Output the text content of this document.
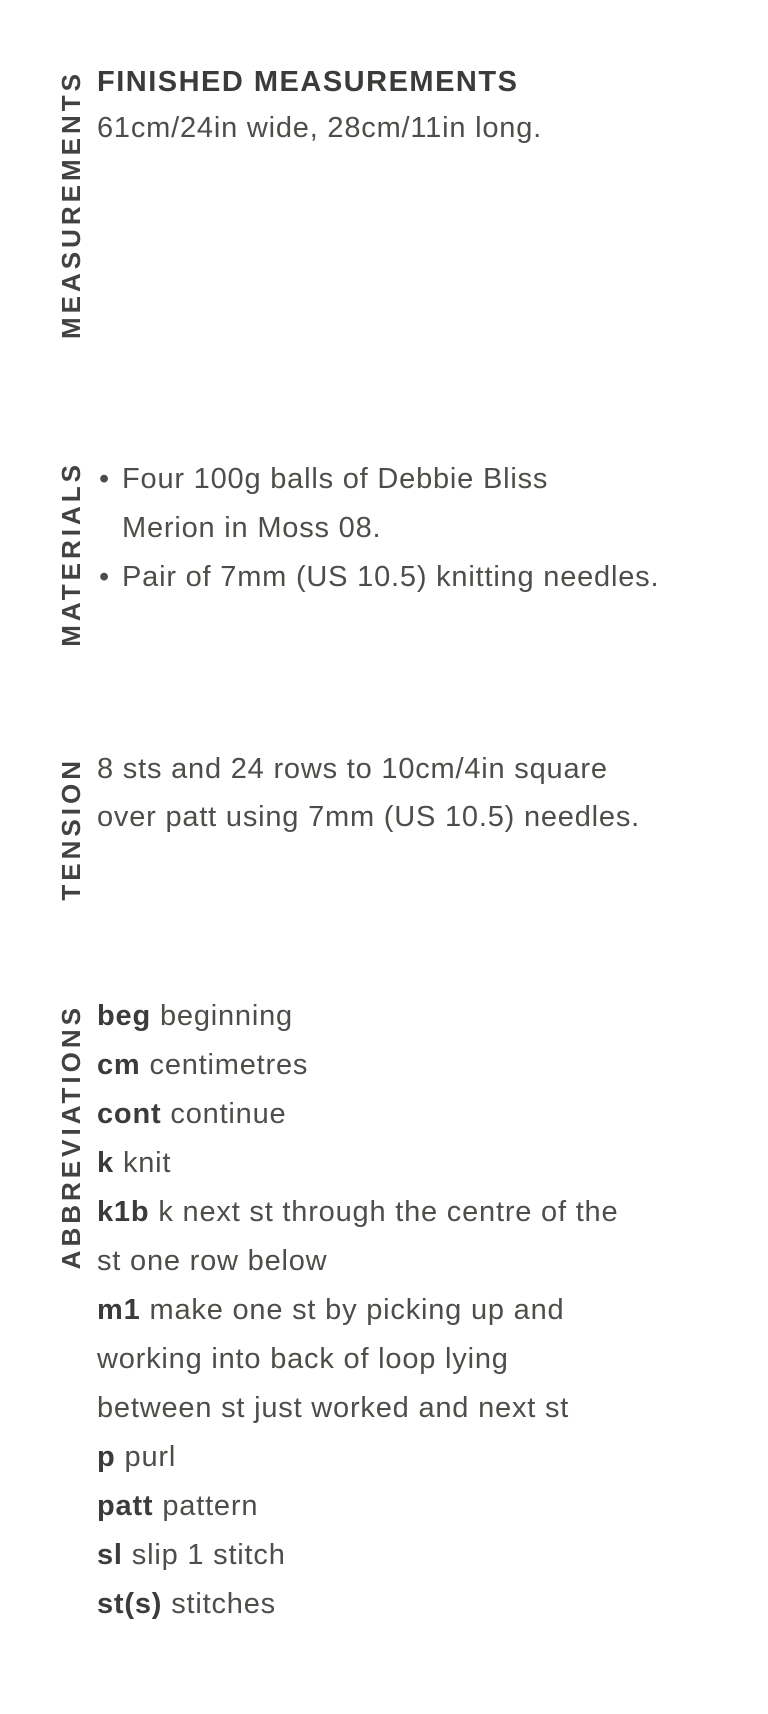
MEASUREMENTS FINISHED MEASUREMENTS
61cm/24in wide, 28cm/11in long.
MATERIALS • Four 100g balls of Debbie Bliss
Merion in Moss 08.
• Pair of 7mm (US 10.5) knitting needles.
TENSION 8 sts and 24 rows to 10cm/4in square
over patt using 7mm (US 10.5) needles.
ABBREVIATIONS beg beginning
cm centimetres
cont continue
k knit
k1b k next st through the centre of the
st one row below
m1 make one st by picking up and
working into back of loop lying
between st just worked and next st
p purl
patt pattern
sl slip 1 stitch
st(s) stitches
